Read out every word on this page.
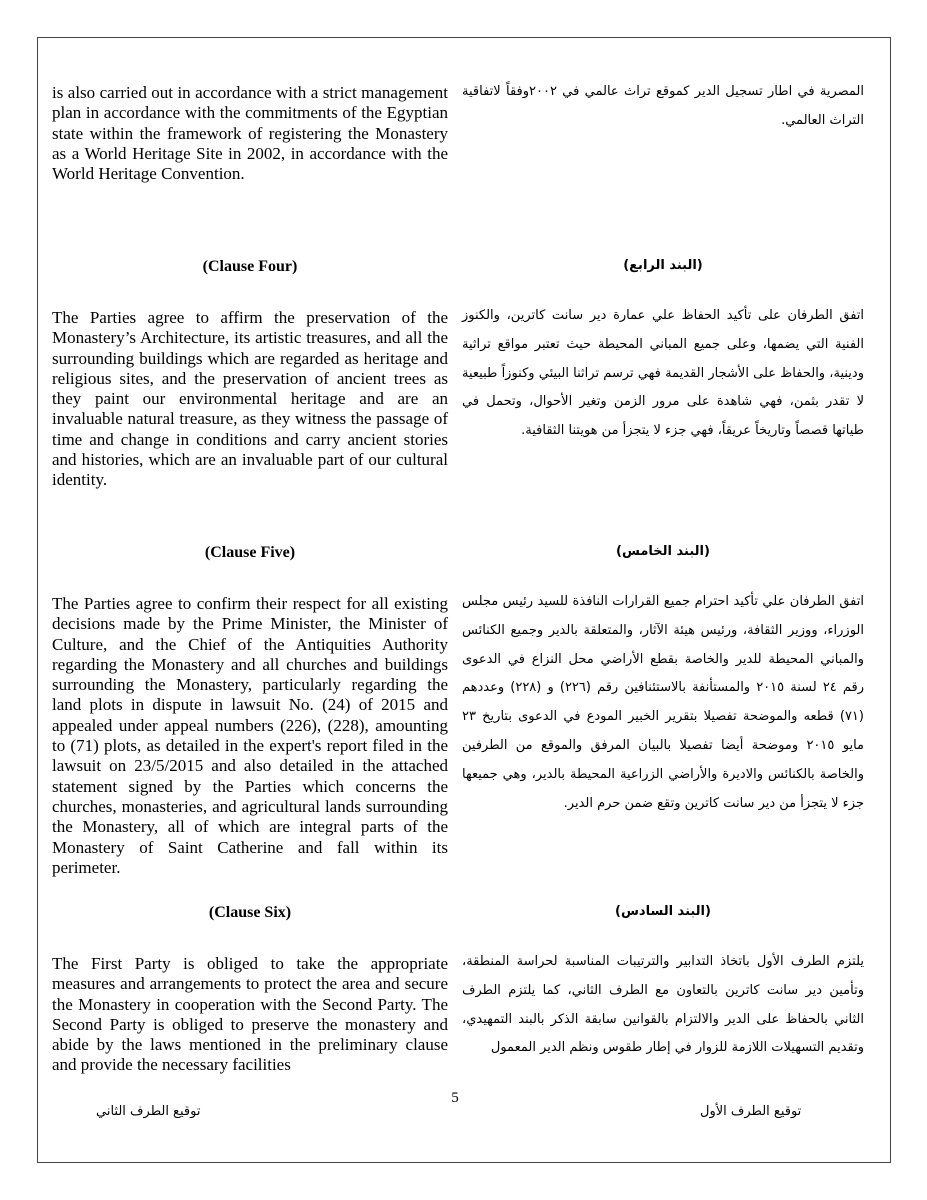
is also carried out in accordance with a strict management plan in accordance with the commitments of the Egyptian state within the framework of registering the Monastery as a World Heritage Site in 2002, in accordance with the World Heritage Convention.

المصرية في اطار تسجيل الدير كموقع تراث عالمي في ٢٠٠٢وفقاً لاتفاقية التراث العالمي.

(Clause Four)	(البند الرابع)

The Parties agree to affirm the preservation of the Monastery’s Architecture, its artistic treasures, and all the surrounding buildings which are regarded as heritage and religious sites, and the preservation of ancient trees as they paint our environmental heritage and are an invaluable natural treasure, as they witness the passage of time and change in conditions and carry ancient stories and histories, which are an invaluable part of our cultural identity.

اتفق الطرفان على تأكيد الحفاظ علي عمارة دير سانت كاترين، والكنوز الفنية التي يضمها، وعلى جميع المباني المحيطة حيث تعتبر مواقع تراثية ودينية، والحفاظ على الأشجار القديمة فهي ترسم تراثنا البيئي وكنوزاً طبيعية لا تقدر بثمن، فهي شاهدة على مرور الزمن وتغير الأحوال، وتحمل في طياتها قصصاً وتاريخاً عريقاً، فهي جزء لا يتجزأ من هويتنا الثقافية.

(Clause Five)	(البند الخامس)

The Parties agree to confirm their respect for all existing decisions made by the Prime Minister, the Minister of Culture, and the Chief of the Antiquities Authority regarding the Monastery and all churches and buildings surrounding the Monastery, particularly regarding the land plots in dispute in lawsuit No. (24) of 2015 and appealed under appeal numbers (226), (228), amounting to (71) plots, as detailed in the expert's report filed in the lawsuit on 23/5/2015 and also detailed in the attached statement signed by the Parties which concerns the churches, monasteries, and agricultural lands surrounding the Monastery, all of which are integral parts of the Monastery of Saint Catherine and fall within its perimeter.

اتفق الطرفان علي تأكيد احترام جميع القرارات النافذة للسيد رئيس مجلس الوزراء، ووزير الثقافة، ورئيس هيئة الآثار، والمتعلقة بالدير وجميع الكنائس والمباني المحيطة للدير والخاصة بقطع الأراضي محل النزاع في الدعوى رقم ٢٤ لسنة ٢٠١٥ والمستأنفة بالاستئنافين رقم (٢٢٦) و (٢٢٨) وعددهم (٧١) قطعه والموضحة تفصيلا بتقرير الخبير المودع في الدعوى بتاريخ ٢٣ مايو ٢٠١٥ وموضحة أيضا تفصيلا بالبيان المرفق والموقع من الطرفين والخاصة بالكنائس والاديرة والأراضي الزراعية المحيطة بالدير، وهي جميعها جزء لا يتجزأ من دير سانت كاترين وتقع ضمن حرم الدير.

(Clause Six)	(البند السادس)

The First Party is obliged to take the appropriate measures and arrangements to protect the area and secure the Monastery in cooperation with the Second Party. The Second Party is obliged to preserve the monastery and abide by the laws mentioned in the preliminary clause and provide the necessary facilities

يلتزم الطرف الأول باتخاذ التدابير والترتيبات المناسبة لحراسة المنطقة، وتأمين دير سانت كاترين بالتعاون مع الطرف الثاني، كما يلتزم الطرف الثاني بالحفاظ على الدير والالتزام بالقوانين سابقة الذكر بالبند التمهيدي، وتقديم التسهيلات اللازمة للزوار في إطار طقوس ونظم الدير المعمول

5

توقيع الطرف الثاني	توقيع الطرف الأول
